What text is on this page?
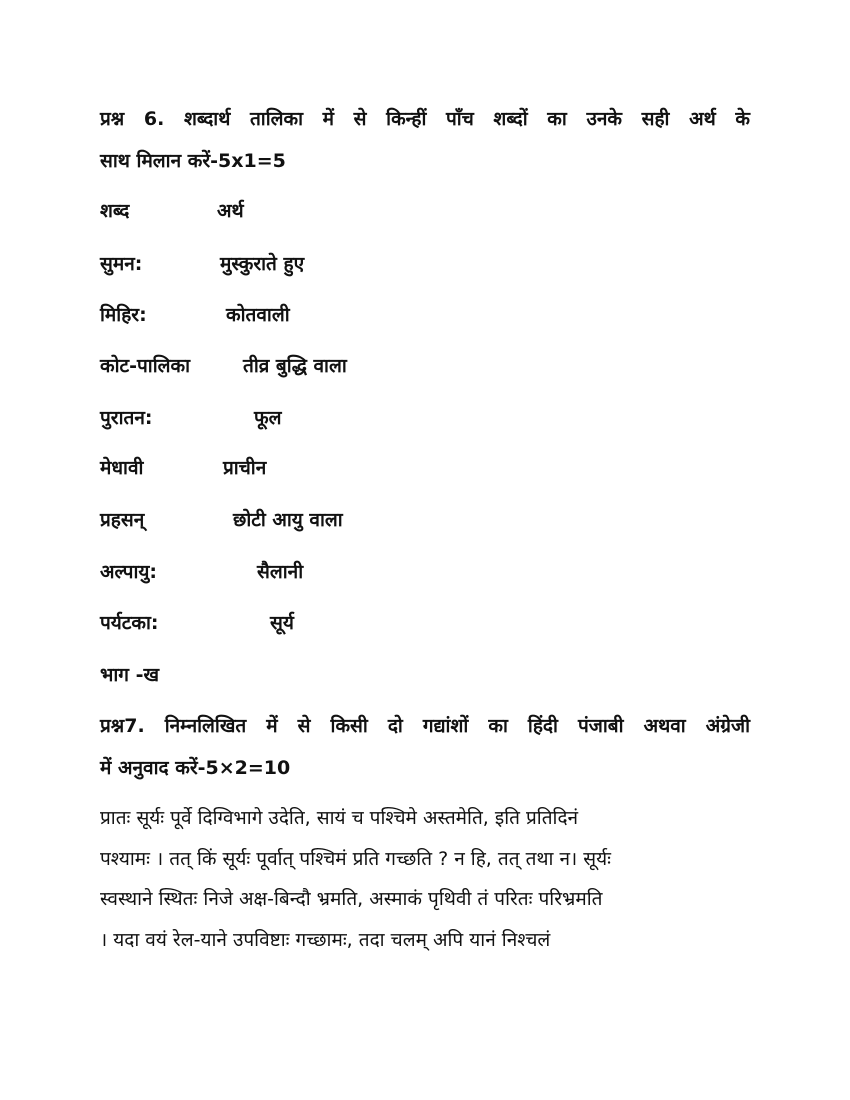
प्रश्न 6. शब्दार्थ तालिका में से किन्हीं पाँच शब्दों का उनके सही अर्थ के
साथ मिलान करें-5x1=5
शब्द	अर्थ
सुमन:	मुस्कुराते हुए
मिहिर:	कोतवाली
कोट-पालिका	तीव्र बुद्धि वाला
पुरातन:	फूल
मेधावी	प्राचीन
प्रहसन्	छोटी आयु वाला
अल्पायु:	सैलानी
पर्यटका:	सूर्य
भाग -ख
प्रश्न7. निम्नलिखित में से किसी दो गद्यांशों का हिंदी पंजाबी अथवा अंग्रेजी
में अनुवाद करें-5×2=10
प्रातः सूर्यः पूर्वे दिग्विभागे उदेति, सायं च पश्चिमे अस्तमेति, इति प्रतिदिनं
पश्यामः । तत् किं सूर्यः पूर्वात् पश्चिमं प्रति गच्छति ? न हि, तत् तथा न। सूर्यः
स्वस्थाने स्थितः निजे अक्ष-बिन्दौ भ्रमति, अस्माकं पृथिवी तं परितः परिभ्रमति
। यदा वयं रेल-याने उपविष्टाः गच्छामः, तदा चलम् अपि यानं निश्चलं
